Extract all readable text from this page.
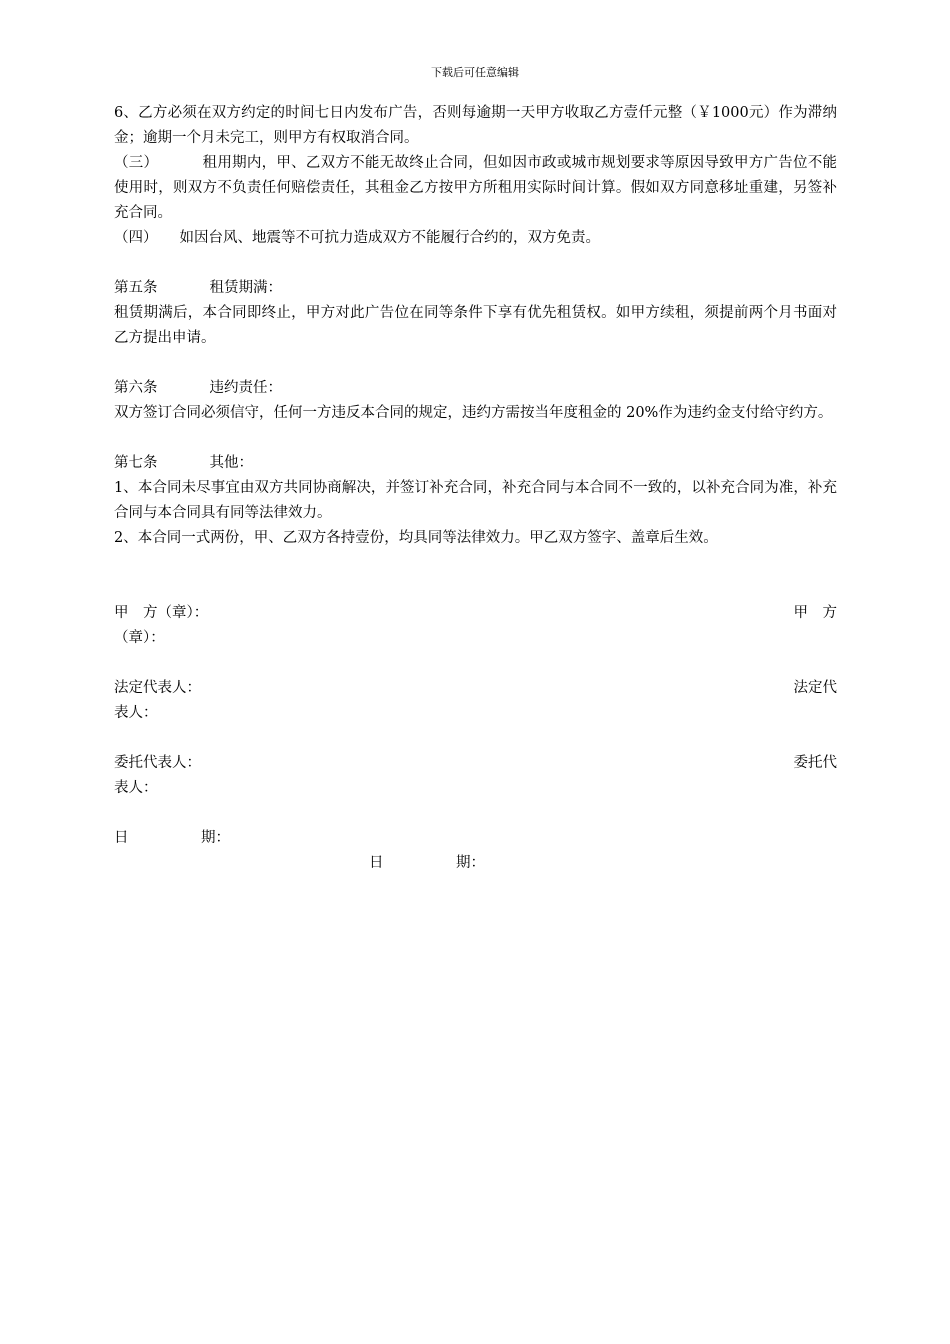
下载后可任意编辑

6、乙方必须在双方约定的时间七日内发布广告，否则每逾期一天甲方收取乙方壹仟元整（￥1000元）作为滞纳金；逾期一个月未完工，则甲方有权取消合同。

（三）	租用期内，甲、乙双方不能无故终止合同，但如因市政或城市规划要求等原因导致甲方广告位不能使用时，则双方不负责任何赔偿责任，其租金乙方按甲方所租用实际时间计算。假如双方同意移址重建，另签补充合同。

（四） 如因台风、地震等不可抗力造成双方不能履行合约的，双方免责。

第五条	租赁期满：

租赁期满后，本合同即终止，甲方对此广告位在同等条件下享有优先租赁权。如甲方续租，须提前两个月书面对乙方提出申请。

第六条	违约责任：

双方签订合同必须信守，任何一方违反本合同的规定，违约方需按当年度租金的 20%作为违约金支付给守约方。

第七条	其他：

1、本合同未尽事宜由双方共同协商解决，并签订补充合同，补充合同与本合同不一致的，以补充合同为准，补充合同与本合同具有同等法律效力。

2、本合同一式两份，甲、乙双方各持壹份，均具同等法律效力。甲乙双方签字、盖章后生效。

甲　方（章）：	甲　方

（章）：

法定代表人：	法定代

表人：

委托代表人：	委托代

表人：

日　　　　　期：

日　　　　　期：
